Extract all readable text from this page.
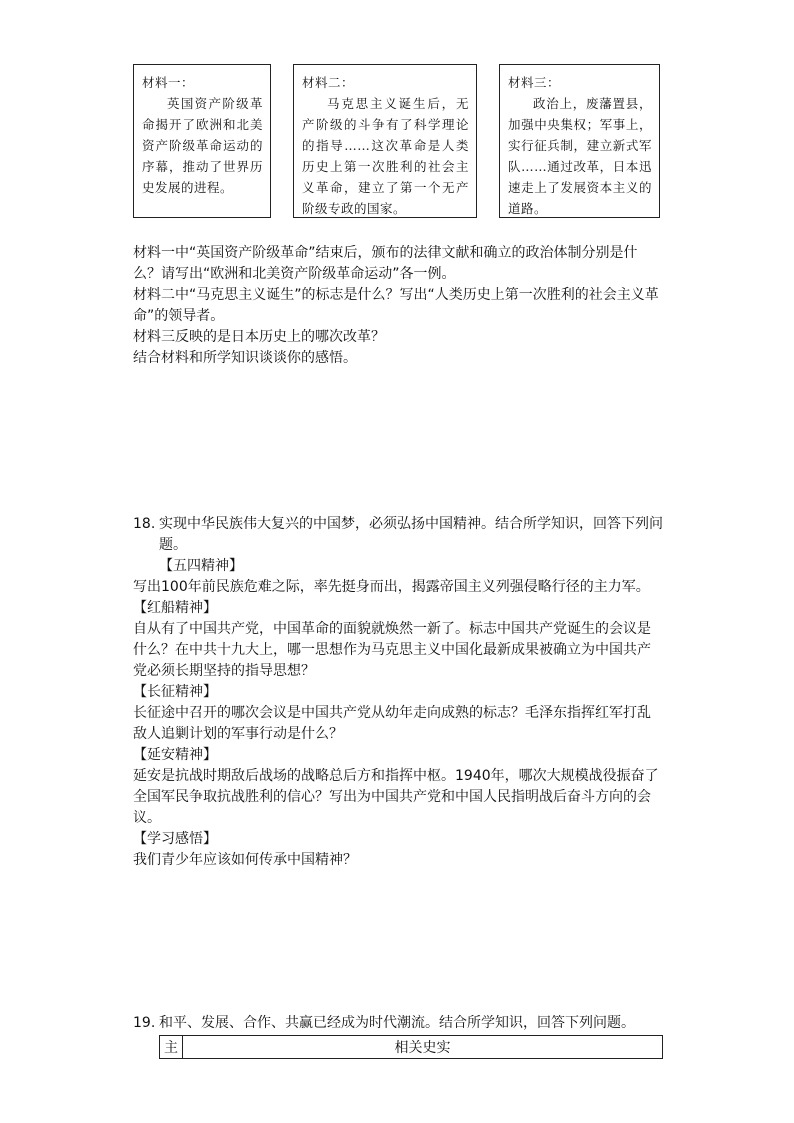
材料一：
英国资产阶级革命揭开了欧洲和北美资产阶级革命运动的序幕，推动了世界历史发展的进程。
材料二：
马克思主义诞生后，无产阶级的斗争有了科学理论的指导……这次革命是人类历史上第一次胜利的社会主义革命，建立了第一个无产阶级专政的国家。
材料三：
政治上，废藩置县，加强中央集权；军事上，实行征兵制，建立新式军队……通过改革，日本迅速走上了发展资本主义的道路。

材料一中“英国资产阶级革命”结束后，颁布的法律文献和确立的政治体制分别是什么？请写出“欧洲和北美资产阶级革命运动”各一例。

材料二中“马克思主义诞生”的标志是什么？写出“人类历史上第一次胜利的社会主义革命”的领导者。

材料三反映的是日本历史上的哪次改革？

结合材料和所学知识谈谈你的感悟。

18. 实现中华民族伟大复兴的中国梦，必须弘扬中国精神。结合所学知识，回答下列问题。

【五四精神】

写出100年前民族危难之际，率先挺身而出，揭露帝国主义列强侵略行径的主力军。

【红船精神】

自从有了中国共产党，中国革命的面貌就焕然一新了。标志中国共产党诞生的会议是什么？在中共十九大上，哪一思想作为马克思主义中国化最新成果被确立为中国共产党必须长期坚持的指导思想？

【长征精神】

长征途中召开的哪次会议是中国共产党从幼年走向成熟的标志？毛泽东指挥红军打乱敌人追剿计划的军事行动是什么？

【延安精神】

延安是抗战时期敌后战场的战略总后方和指挥中枢。1940年，哪次大规模战役振奋了全国军民争取抗战胜利的信心？写出为中国共产党和中国人民指明战后奋斗方向的会议。

【学习感悟】

我们青少年应该如何传承中国精神？

19. 和平、发展、合作、共赢已经成为时代潮流。结合所学知识，回答下列问题。

主	相关史实
